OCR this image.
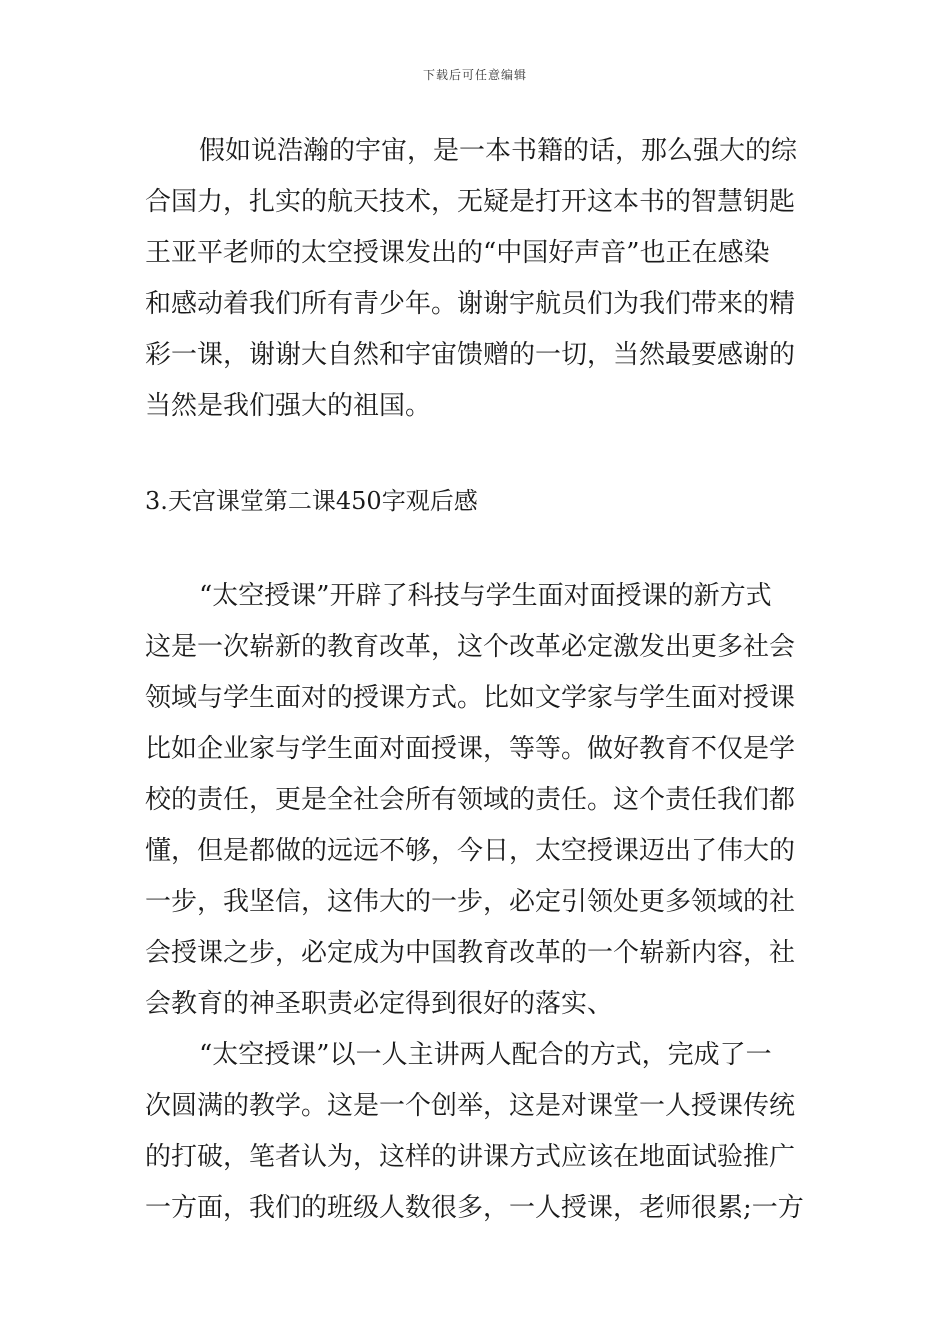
下载后可任意编辑
假如说浩瀚的宇宙，是一本书籍的话，那么强大的综
合国力，扎实的航天技术，无疑是打开这本书的智慧钥匙
王亚平老师的太空授课发出的“中国好声音”也正在感染
和感动着我们所有青少年。谢谢宇航员们为我们带来的精
彩一课，谢谢大自然和宇宙馈赠的一切，当然最要感谢的
当然是我们强大的祖国。
3.天宫课堂第二课450字观后感
“太空授课”开辟了科技与学生面对面授课的新方式
这是一次崭新的教育改革，这个改革必定激发出更多社会
领域与学生面对的授课方式。比如文学家与学生面对授课
比如企业家与学生面对面授课，等等。做好教育不仅是学
校的责任，更是全社会所有领域的责任。这个责任我们都
懂，但是都做的远远不够，今日，太空授课迈出了伟大的
一步，我坚信，这伟大的一步，必定引领处更多领域的社
会授课之步，必定成为中国教育改革的一个崭新内容，社
会教育的神圣职责必定得到很好的落实、
“太空授课”以一人主讲两人配合的方式，完成了一
次圆满的教学。这是一个创举，这是对课堂一人授课传统
的打破，笔者认为，这样的讲课方式应该在地面试验推广
一方面，我们的班级人数很多，一人授课，老师很累;一方
